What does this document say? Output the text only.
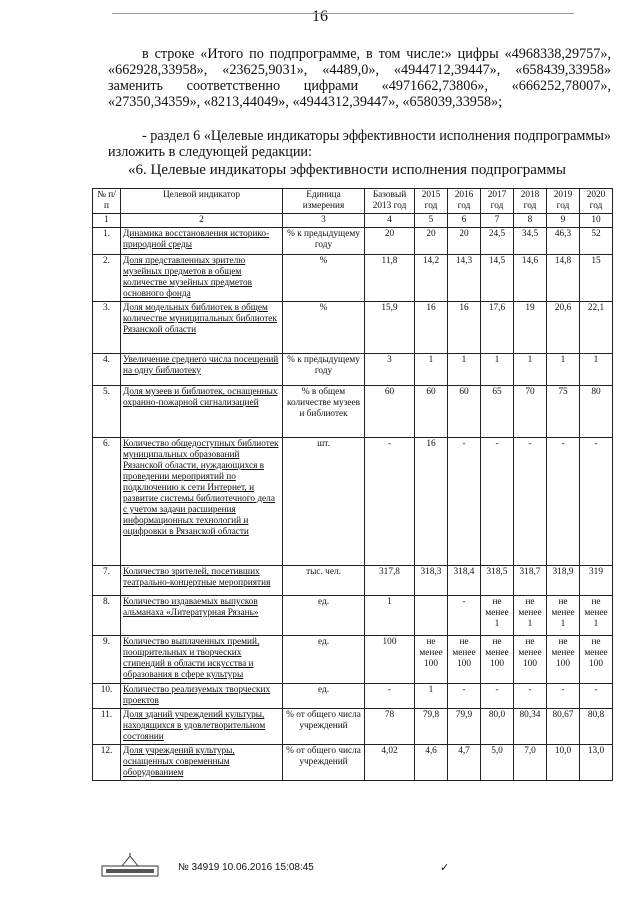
16

в строке «Итого по подпрограмме, в том числе:» цифры «4968338,29757», «662928,33958», «23625,9031», «4489,0», «4944712,39447», «658439,33958» заменить соответственно цифрами «4971662,73806», «666252,78007», «27350,34359», «8213,44049», «4944312,39447», «658039,33958»;

- раздел 6 «Целевые индикаторы эффективности исполнения подпрограммы» изложить в следующей редакции:

«6. Целевые индикаторы эффективности исполнения подпрограммы
№ п/п	Целевой индикатор	Единица измерения	Базовый 2013 год	2015 год	2016 год	2017 год	2018 год	2019 год	2020 год
1	2	3	4	5	6	7	8	9	10
1.	Динамика восстановления историко-природной среды	% к предыдущему году	20	20	20	24,5	34,5	46,3	52
2.	Доля представленных зрителю музейных предметов в общем количестве музейных предметов основного фонда	%	11,8	14,2	14,3	14,5	14,6	14,8	15
3.	Доля модельных библиотек в общем количестве муниципальных библиотек Рязанской области	%	15,9	16	16	17,6	19	20,6	22,1
4.	Увеличение среднего числа посещений на одну библиотеку	% к предыдущему году	3	1	1	1	1	1	1
5.	Доля музеев и библиотек, оснащенных охранно-пожарной сигнализацией	% в общем количестве музеев и библиотек	60	60	60	65	70	75	80
6.	Количество общедоступных библиотек муниципальных образований Рязанской области, нуждающихся в проведении мероприятий по подключению к сети Интернет, и развитие системы библиотечного дела с учетом задачи расширения информационных технологий и оцифровки в Рязанской области	шт.	-	16	-	-	-	-	-
7.	Количество зрителей, посетивших театрально-концертные мероприятия	тыс. чел.	317,8	318,3	318,4	318,5	318,7	318,9	319
8.	Количество издаваемых выпусков альманаха «Литературная Рязань»	ед.	1		-	не менее 1	не менее 1	не менее 1	не менее 1
9.	Количество выплаченных премий, поощрительных и творческих стипендий в области искусства и образования в сфере культуры	ед.	100	не менее 100	не менее 100	не менее 100	не менее 100	не менее 100	не менее 100
10.	Количество реализуемых творческих проектов	ед.	-	1	-	-	-	-	-
11.	Доля зданий учреждений культуры, находящихся в удовлетворительном состоянии	% от общего числа учреждений	78	79,8	79,9	80,0	80,34	80,67	80,8
12.	Доля учреждений культуры, оснащенных современным оборудованием	% от общего числа учреждений	4,02	4,6	4,7	5,0	7,0	10,0	13,0
✓
№ 34919 10.06.2016 15:08:45
